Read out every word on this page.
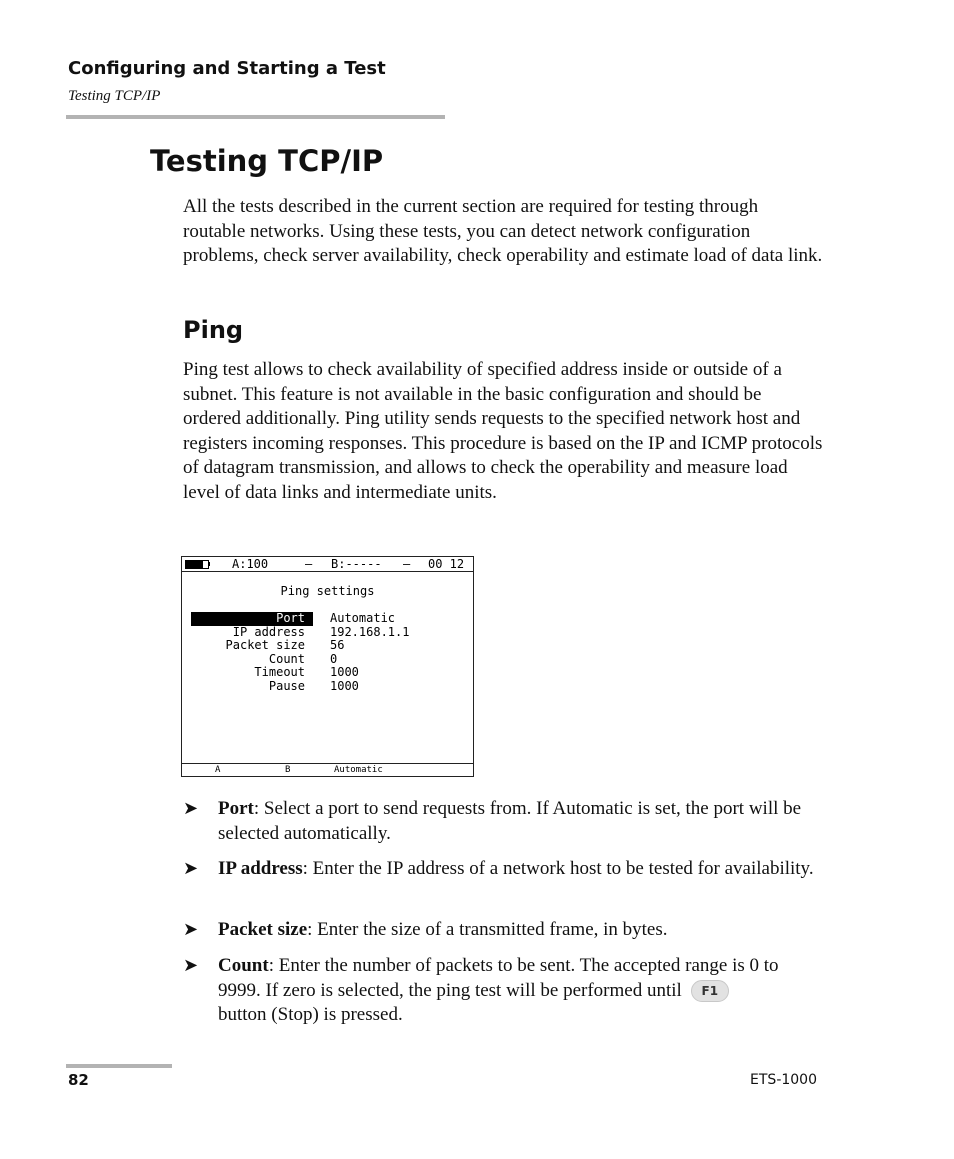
Configuring and Starting a Test
Testing TCP/IP
Testing TCP/IP
All the tests described in the current section are required for testing through routable networks. Using these tests, you can detect network configuration problems, check server availability, check operability and estimate load of data link.
Ping
Ping test allows to check availability of specified address inside or outside of a subnet. This feature is not available in the basic configuration and should be ordered additionally. Ping utility sends requests to the specified network host and registers incoming responses. This procedure is based on the IP and ICMP protocols of datagram transmission, and allows to check the operability and measure load level of data links and intermediate units.
A:100	– B:----- – 00 12
Ping settings
Port	Automatic
IP address	192.168.1.1
Packet size	56
Count	0
Timeout	1000
Pause	1000
A	B	Automatic
➤ Port: Select a port to send requests from. If Automatic is set, the port will be selected automatically.
➤ IP address: Enter the IP address of a network host to be tested for availability.
➤ Packet size: Enter the size of a transmitted frame, in bytes.
➤ Count: Enter the number of packets to be sent. The accepted range is 0 to 9999. If zero is selected, the ping test will be performed until F1
button (Stop) is pressed.
82	ETS-1000
